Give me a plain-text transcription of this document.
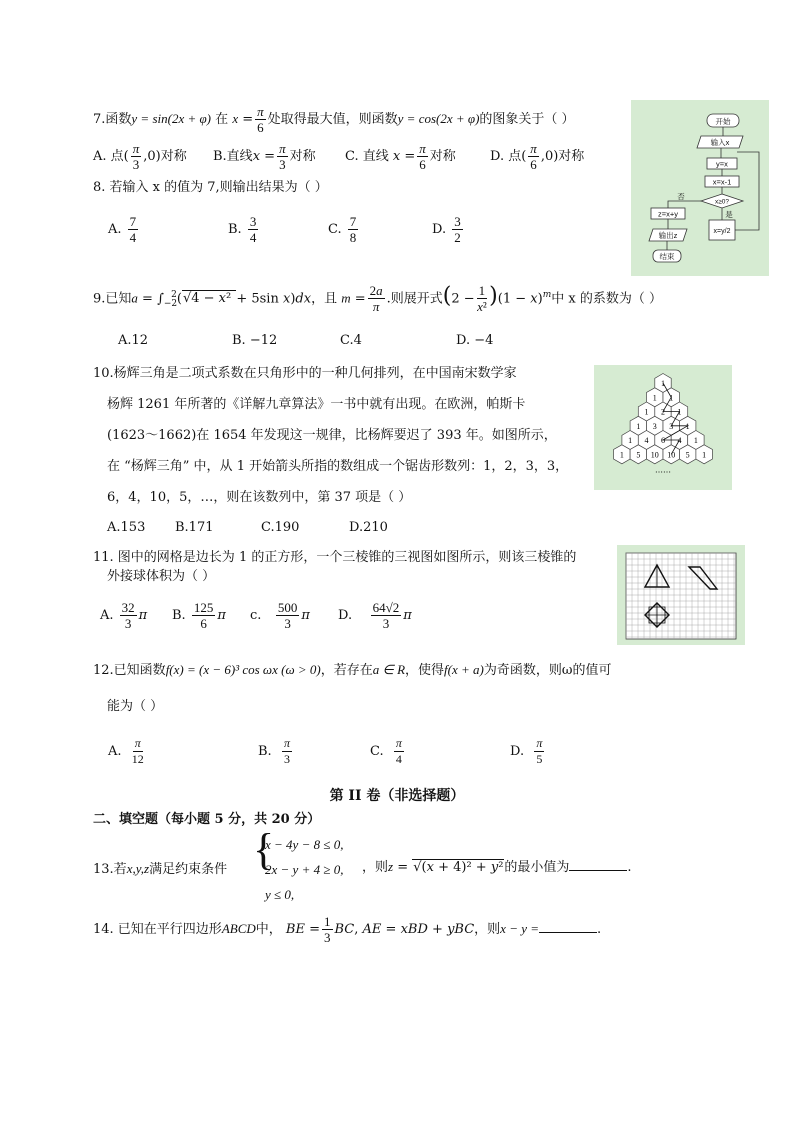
7.函数y = sin(2x + φ) 在 $x = \frac{\pi}{6}$ 处取得最大值，则函数y = cos(2x + φ)的图象关于（ ）
A. 点( $\frac{\pi}{3} ,0$)对称 B.直线$x = \frac{\pi}{3}$ 对称 C. 直线 $x = \frac{\pi}{6}$ 对称	D. 点( $\frac{\pi}{6} ,0$)对称
开始
输入x
y=x
x=x-1
x≥0?
否
是
z=x+y
输出z
结束
x=y/2
8. 若输入 x 的值为 7,则输出结果为（ ）
A. $\frac{7}{4}$	B. $\frac{3}{4}$	C. $\frac{7}{8}$	D. $\frac{3}{2}$
9.已知$a = \int_{-2}^2(√4 - x^2 + 5\sin$ x)dx，且 $m = \frac{2a}{\pi}$ .则展开式$(2 - \frac{1}{\text{x²}} )(1 - x)^m$中 x 的系数为（ ）
A.12	B. −12	C.4	D. −4
10.杨辉三角是二项式系数在只角形中的一种几何排列，在中国南宋数学家
杨辉 1261 年所著的《详解九章算法》一书中就有出现。在欧洲，帕斯卡
(1623～1662)在 1654 年发现这一规律，比杨辉要迟了 393 年。如图所示，
在 “杨辉三角” 中，从 1 开始箭头所指的数组成一个锯齿形数列：1，2，3，3，
6，4，10，5，…，则在该数列中，第 37 项是（ ）
A.153 B.171	C.190	D.210
1
1 1
1 2 1
1 3 3 1
1 4 6 4 1
1 5 10 10 5 1
……
11. 图中的网格是边长为 1 的正方形，一个三棱锥的三视图如图所示，则该三棱锥的
外接球体积为（ ）
A. $\frac{32}{3}$ π B. $\frac{125}{6}$ π c. $\frac{500}{3}$ π D. $\frac{64√2}{3}$ π
12.已知函数f(x) = (x − 6)³ cos ωx (ω > 0)，若存在a ∈ R，使得f(x + a)为奇函数，则ω的值可
能为（ ）
A. $\frac{\pi}{12}$	B. $\frac{\pi}{3}$	C. $\frac{\pi}{4}$	D. $\frac{\pi}{5}$
第 II 卷（非选择题）
二、填空题（每小题 5 分，共 20 分）
13.若x,y,z满足约束条件 {
x − 4y − 8 ≤ 0,
2x − y + 4 ≥ 0,
y ≤ 0,
，则z = √(x + 4)² + y²的最小值为	.
14. 已知在平行四边形ABCD中， BE = $\frac{1}{3}$ BC, AE = xBD + yBC，则x − y =	.
